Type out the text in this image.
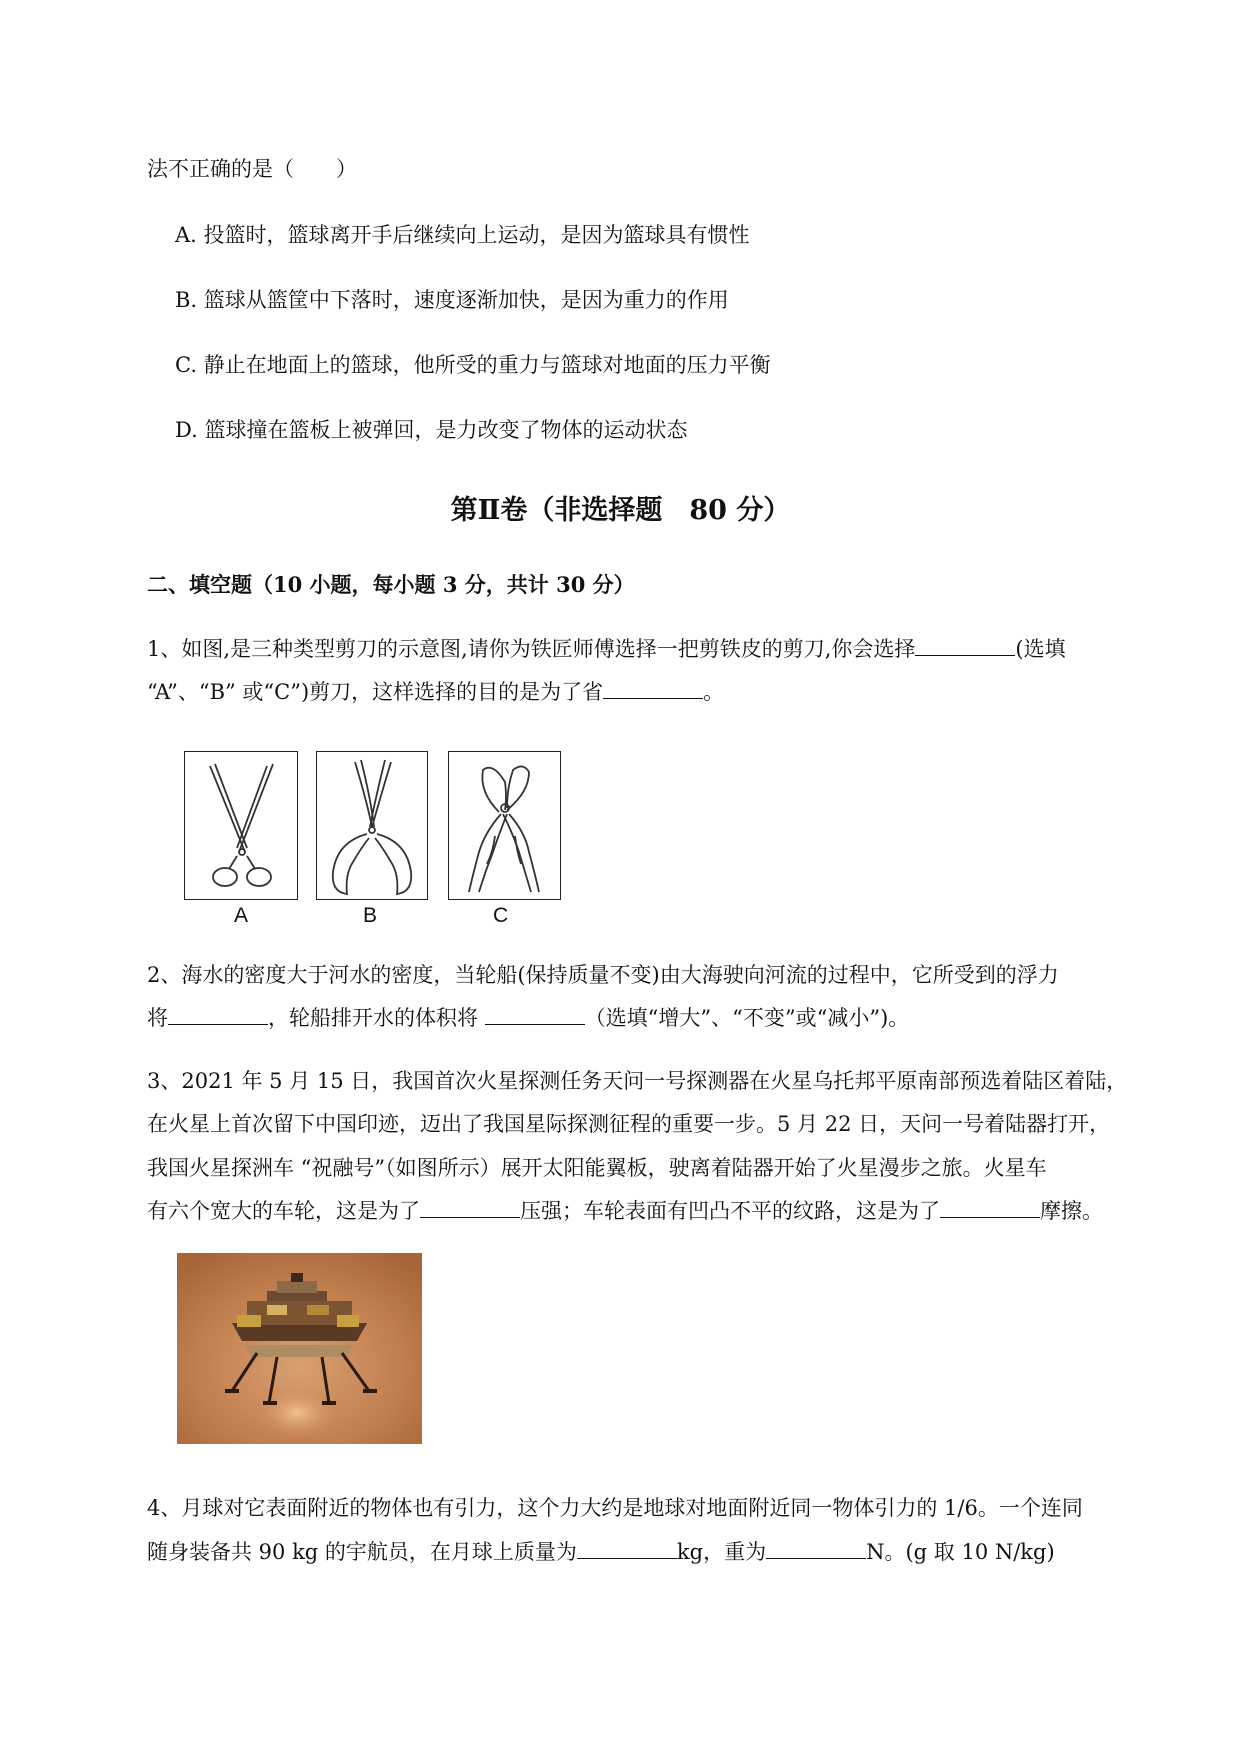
法不正确的是（　　）
A. 投篮时，篮球离开手后继续向上运动，是因为篮球具有惯性
B. 篮球从篮筐中下落时，速度逐渐加快，是因为重力的作用
C. 静止在地面上的篮球，他所受的重力与篮球对地面的压力平衡
D. 篮球撞在篮板上被弹回，是力改变了物体的运动状态
第Ⅱ卷（非选择题　80 分）
二、填空题（10 小题，每小题 3 分，共计 30 分）
1、如图,是三种类型剪刀的示意图,请你为铁匠师傅选择一把剪铁皮的剪刀,你会选择	(选填
“A”、“B” 或“C”)剪刀，这样选择的目的是为了省	。
A	B	C
2、海水的密度大于河水的密度，当轮船(保持质量不变)由大海驶向河流的过程中，它所受到的浮力
将	，轮船排开水的体积将	（选填“增大”、“不变”或“减小”)。
3、2021 年 5 月 15 日，我国首次火星探测任务天问一号探测器在火星乌托邦平原南部预选着陆区着陆，
在火星上首次留下中国印迹，迈出了我国星际探测征程的重要一步。5 月 22 日，天问一号着陆器打开，
我国火星探洲车 “祝融号”（如图所示）展开太阳能翼板，驶离着陆器开始了火星漫步之旅。火星车
有六个宽大的车轮，这是为了	压强；车轮表面有凹凸不平的纹路，这是为了	摩擦。
4、月球对它表面附近的物体也有引力，这个力大约是地球对地面附近同一物体引力的 1/6。一个连同
随身装备共 90 kg 的宇航员，在月球上质量为	kg，重为	N。(g 取 10 N/kg)
